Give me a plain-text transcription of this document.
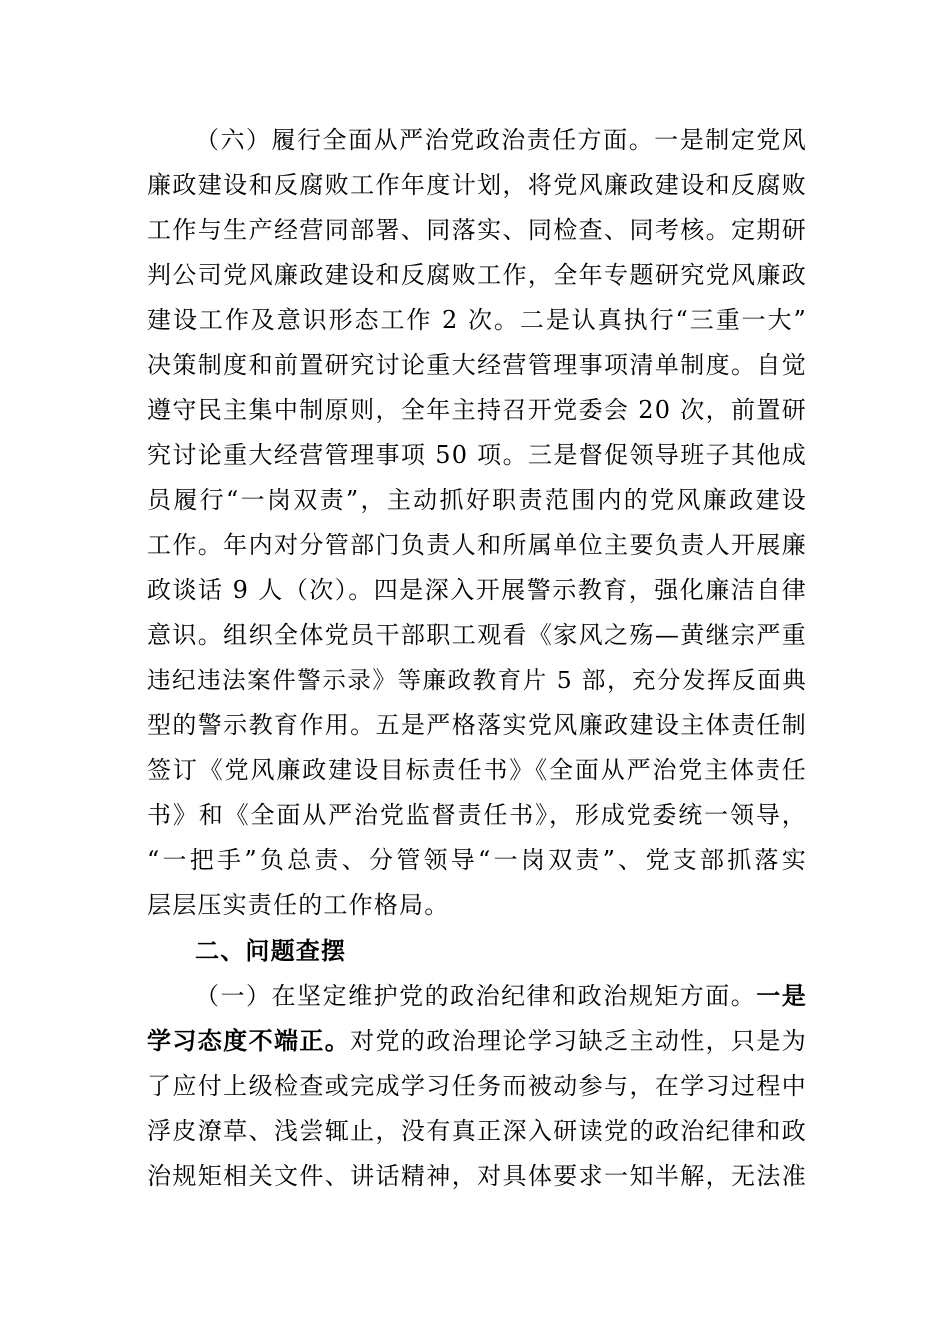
（六）履行全面从严治党政治责任方面。一是制定党风
廉政建设和反腐败工作年度计划，将党风廉政建设和反腐败
工作与生产经营同部署、同落实、同检查、同考核。定期研
判公司党风廉政建设和反腐败工作，全年专题研究党风廉政
建设工作及意识形态工作 2 次。二是认真执行“三重一大”
决策制度和前置研究讨论重大经营管理事项清单制度。自觉
遵守民主集中制原则，全年主持召开党委会 20 次，前置研
究讨论重大经营管理事项 50 项。三是督促领导班子其他成
员履行“一岗双责”，主动抓好职责范围内的党风廉政建设
工作。年内对分管部门负责人和所属单位主要负责人开展廉
政谈话 9 人（次）。四是深入开展警示教育，强化廉洁自律
意识。组织全体党员干部职工观看《家风之殇—黄继宗严重
违纪违法案件警示录》等廉政教育片 5 部，充分发挥反面典
型的警示教育作用。五是严格落实党风廉政建设主体责任制
签订《党风廉政建设目标责任书》《全面从严治党主体责任
书》和《全面从严治党监督责任书》，形成党委统一领导，
“一把手”负总责、分管领导“一岗双责”、党支部抓落实
层层压实责任的工作格局。
二、问题查摆
（一）在坚定维护党的政治纪律和政治规矩方面。一是
学习态度不端正。对党的政治理论学习缺乏主动性，只是为
了应付上级检查或完成学习任务而被动参与，在学习过程中
浮皮潦草、浅尝辄止，没有真正深入研读党的政治纪律和政
治规矩相关文件、讲话精神，对具体要求一知半解，无法准
